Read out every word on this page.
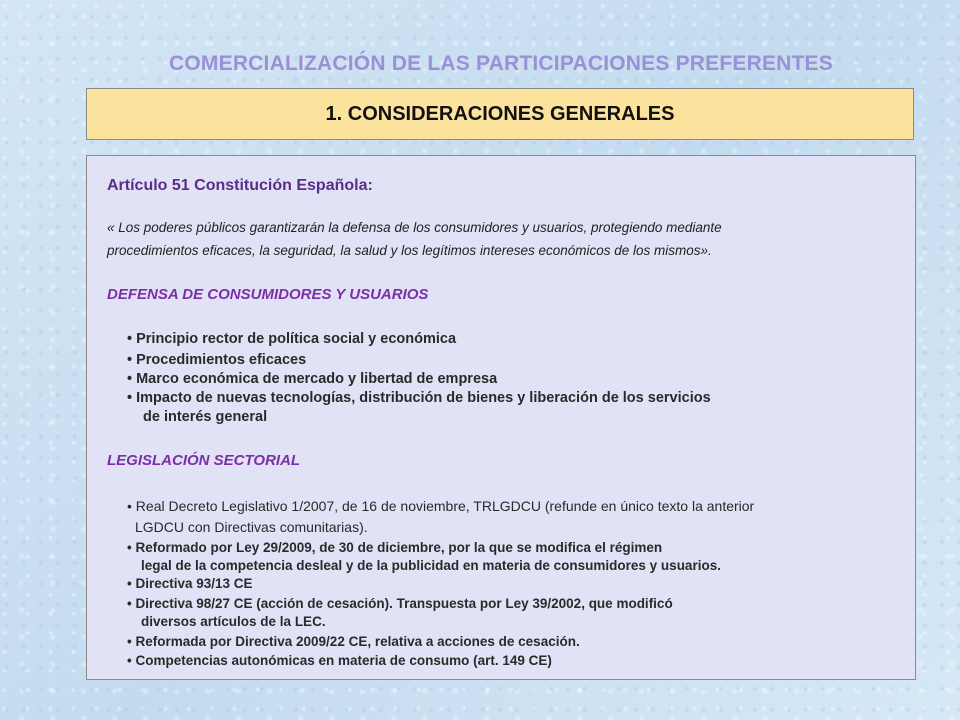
COMERCIALIZACIÓN DE LAS PARTICIPACIONES PREFERENTES
1. CONSIDERACIONES GENERALES
Artículo 51 Constitución Española:
« Los poderes públicos garantizarán la defensa de los consumidores y usuarios, protegiendo mediante
procedimientos eficaces, la seguridad, la salud y los legítimos intereses económicos de los mismos».
DEFENSA DE CONSUMIDORES Y USUARIOS
• Principio rector de política social y económica
• Procedimientos eficaces
• Marco económica de mercado y libertad de empresa
• Impacto de nuevas tecnologías, distribución de bienes y liberación de los servicios
de interés general
LEGISLACIÓN SECTORIAL
• Real Decreto Legislativo 1/2007, de 16 de noviembre, TRLGDCU (refunde en único texto la anterior
LGDCU con Directivas comunitarias).
• Reformado por Ley 29/2009, de 30 de diciembre, por la que se modifica el régimen
legal de la competencia desleal y de la publicidad en materia de consumidores y usuarios.
• Directiva 93/13 CE
• Directiva 98/27 CE (acción de cesación). Transpuesta por Ley 39/2002, que modificó
diversos artículos de la LEC.
• Reformada por Directiva 2009/22 CE, relativa a acciones de cesación.
• Competencias autonómicas en materia de consumo (art. 149 CE)
